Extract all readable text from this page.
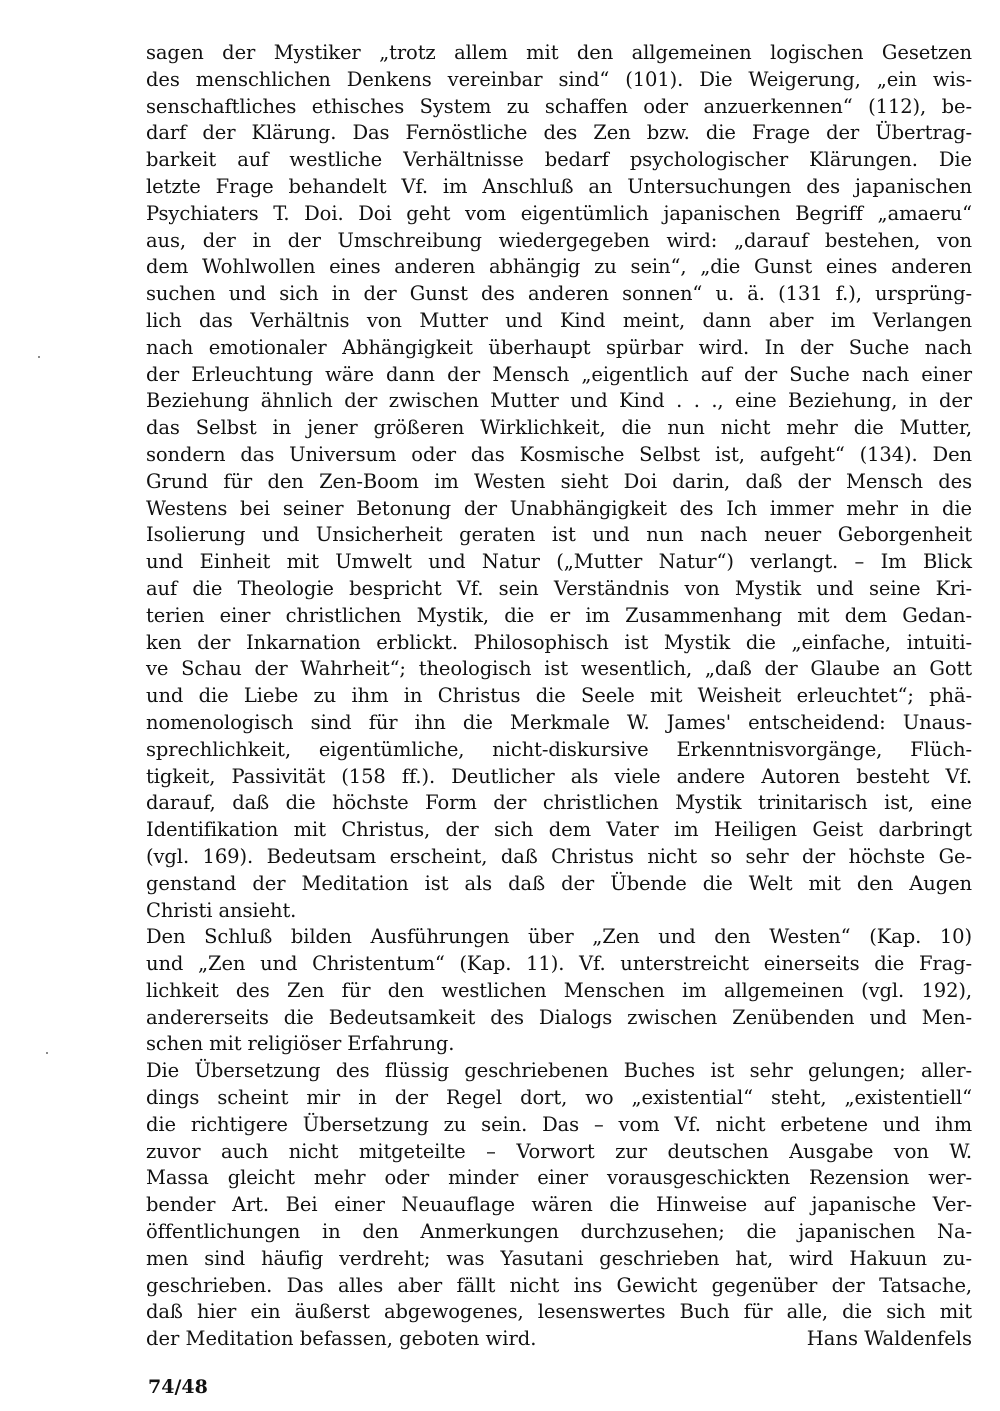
sagen der Mystiker „trotz allem mit den allgemeinen logischen Gesetzen
des menschlichen Denkens vereinbar sind“ (101). Die Weigerung, „ein wis-
senschaftliches ethisches System zu schaffen oder anzuerkennen“ (112), be-
darf der Klärung. Das Fernöstliche des Zen bzw. die Frage der Übertrag-
barkeit auf westliche Verhältnisse bedarf psychologischer Klärungen. Die
letzte Frage behandelt Vf. im Anschluß an Untersuchungen des japanischen
Psychiaters T. Doi. Doi geht vom eigentümlich japanischen Begriff „amaeru“
aus, der in der Umschreibung wiedergegeben wird: „darauf bestehen, von
dem Wohlwollen eines anderen abhängig zu sein“, „die Gunst eines anderen
suchen und sich in der Gunst des anderen sonnen“ u. ä. (131 f.), ursprüng-
lich das Verhältnis von Mutter und Kind meint, dann aber im Verlangen
nach emotionaler Abhängigkeit überhaupt spürbar wird. In der Suche nach
der Erleuchtung wäre dann der Mensch „eigentlich auf der Suche nach einer
Beziehung ähnlich der zwischen Mutter und Kind . . ., eine Beziehung, in der
das Selbst in jener größeren Wirklichkeit, die nun nicht mehr die Mutter,
sondern das Universum oder das Kosmische Selbst ist, aufgeht“ (134). Den
Grund für den Zen-Boom im Westen sieht Doi darin, daß der Mensch des
Westens bei seiner Betonung der Unabhängigkeit des Ich immer mehr in die
Isolierung und Unsicherheit geraten ist und nun nach neuer Geborgenheit
und Einheit mit Umwelt und Natur („Mutter Natur“) verlangt. – Im Blick
auf die Theologie bespricht Vf. sein Verständnis von Mystik und seine Kri-
terien einer christlichen Mystik, die er im Zusammenhang mit dem Gedan-
ken der Inkarnation erblickt. Philosophisch ist Mystik die „einfache, intuiti-
ve Schau der Wahrheit“; theologisch ist wesentlich, „daß der Glaube an Gott
und die Liebe zu ihm in Christus die Seele mit Weisheit erleuchtet“; phä-
nomenologisch sind für ihn die Merkmale W. James' entscheidend: Unaus-
sprechlichkeit, eigentümliche, nicht-diskursive Erkenntnisvorgänge, Flüch-
tigkeit, Passivität (158 ff.). Deutlicher als viele andere Autoren besteht Vf.
darauf, daß die höchste Form der christlichen Mystik trinitarisch ist, eine
Identifikation mit Christus, der sich dem Vater im Heiligen Geist darbringt
(vgl. 169). Bedeutsam erscheint, daß Christus nicht so sehr der höchste Ge-
genstand der Meditation ist als daß der Übende die Welt mit den Augen
Christi ansieht.
Den Schluß bilden Ausführungen über „Zen und den Westen“ (Kap. 10)
und „Zen und Christentum“ (Kap. 11). Vf. unterstreicht einerseits die Frag-
lichkeit des Zen für den westlichen Menschen im allgemeinen (vgl. 192),
andererseits die Bedeutsamkeit des Dialogs zwischen Zenübenden und Men-
schen mit religiöser Erfahrung.
Die Übersetzung des flüssig geschriebenen Buches ist sehr gelungen; aller-
dings scheint mir in der Regel dort, wo „existential“ steht, „existentiell“
die richtigere Übersetzung zu sein. Das – vom Vf. nicht erbetene und ihm
zuvor auch nicht mitgeteilte – Vorwort zur deutschen Ausgabe von W.
Massa gleicht mehr oder minder einer vorausgeschickten Rezension wer-
bender Art. Bei einer Neuauflage wären die Hinweise auf japanische Ver-
öffentlichungen in den Anmerkungen durchzusehen; die japanischen Na-
men sind häufig verdreht; was Yasutani geschrieben hat, wird Hakuun zu-
geschrieben. Das alles aber fällt nicht ins Gewicht gegenüber der Tatsache,
daß hier ein äußerst abgewogenes, lesenswertes Buch für alle, die sich mit
der Meditation befassen, geboten wird.	Hans Waldenfels
74/48
